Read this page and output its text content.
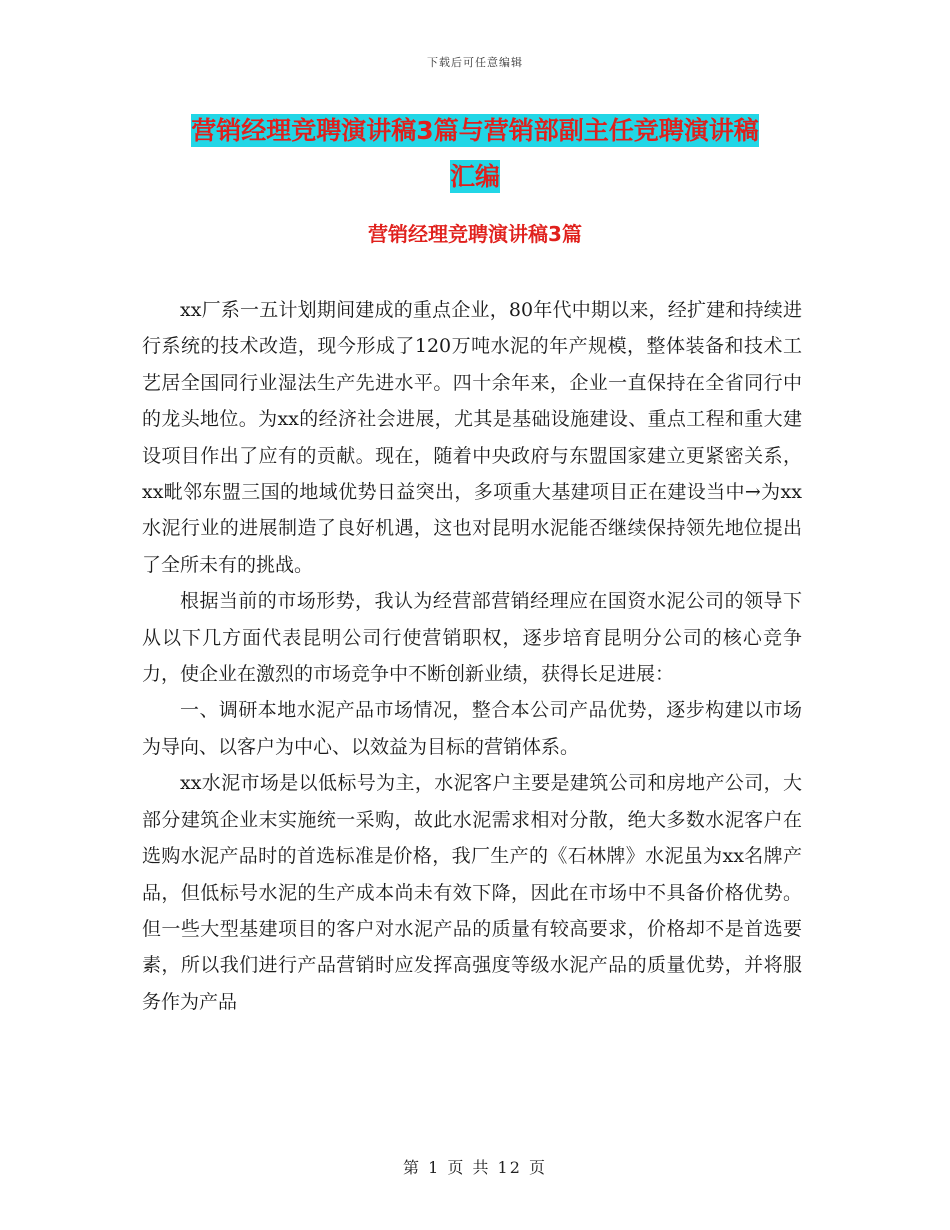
下载后可任意编辑
营销经理竞聘演讲稿3篇与营销部副主任竞聘演讲稿
汇编
营销经理竞聘演讲稿3篇

xx厂系一五计划期间建成的重点企业，80年代中期以来，经扩建和持续进行系统的技术改造，现今形成了120万吨水泥的年产规模，整体装备和技术工艺居全国同行业湿法生产先进水平。四十余年来，企业一直保持在全省同行中的龙头地位。为xx的经济社会进展，尤其是基础设施建设、重点工程和重大建设项目作出了应有的贡献。现在，随着中央政府与东盟国家建立更紧密关系，xx毗邻东盟三国的地域优势日益突出，多项重大基建项目正在建设当中→为xx水泥行业的进展制造了良好机遇，这也对昆明水泥能否继续保持领先地位提出了全所未有的挑战。

根据当前的市场形势，我认为经营部营销经理应在国资水泥公司的领导下从以下几方面代表昆明公司行使营销职权，逐步培育昆明分公司的核心竞争力，使企业在激烈的市场竞争中不断创新业绩，获得长足进展：

一、调研本地水泥产品市场情况，整合本公司产品优势，逐步构建以市场为导向、以客户为中心、以效益为目标的营销体系。

xx水泥市场是以低标号为主，水泥客户主要是建筑公司和房地产公司，大部分建筑企业末实施统一采购，故此水泥需求相对分散，绝大多数水泥客户在选购水泥产品时的首选标准是价格，我厂生产的《石林牌》水泥虽为xx名牌产品，但低标号水泥的生产成本尚未有效下降，因此在市场中不具备价格优势。但一些大型基建项目的客户对水泥产品的质量有较高要求，价格却不是首选要素，所以我们进行产品营销时应发挥高强度等级水泥产品的质量优势，并将服务作为产品

第 1 页 共 12 页
